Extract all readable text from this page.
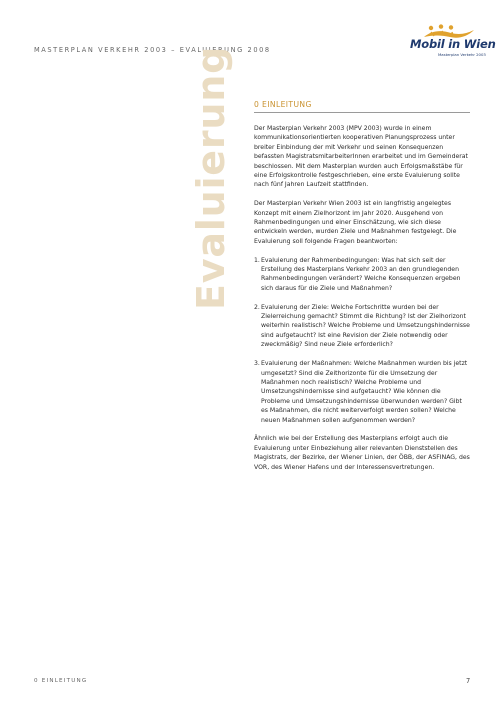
MASTERPLAN VERKEHR 2003 – EVALUIERUNG 2008	Mobil in Wien
Masterplan Verkehr 2003
Evaluierung	0 EINLEITUNG

Der Masterplan Verkehr 2003 (MPV 2003) wurde in einem kommunikationsorientierten kooperativen Planungsprozess unter breiter Einbindung der mit Verkehr und seinen Konsequenzen befassten MagistratsmitarbeiterInnen erarbeitet und im Gemeinderat beschlossen. Mit dem Masterplan wurden auch Erfolgsmaßstäbe für eine Erfolgskontrolle festgeschrieben, eine erste Evaluierung sollte nach fünf Jahren Laufzeit stattfinden.

Der Masterplan Verkehr Wien 2003 ist ein langfristig angelegtes Konzept mit einem Zielhorizont im Jahr 2020. Ausgehend von Rahmenbedingungen und einer Einschätzung, wie sich diese entwickeln werden, wurden Ziele und Maßnahmen festgelegt. Die Evaluierung soll folgende Fragen beantworten:

1. Evaluierung der Rahmenbedingungen: Was hat sich seit der Erstellung des Masterplans Verkehr 2003 an den grundlegenden Rahmenbedingungen verändert? Welche Konsequenzen ergeben sich daraus für die Ziele und Maßnahmen?
2. Evaluierung der Ziele: Welche Fortschritte wurden bei der Zielerreichung gemacht? Stimmt die Richtung? Ist der Zielhorizont weiterhin realistisch? Welche Probleme und Umsetzungshindernisse sind aufgetaucht? Ist eine Revision der Ziele notwendig oder zweckmäßig? Sind neue Ziele erforderlich?
3. Evaluierung der Maßnahmen: Welche Maßnahmen wurden bis jetzt umgesetzt? Sind die Zeithorizonte für die Umsetzung der Maßnahmen noch realistisch? Welche Probleme und Umsetzungshindernisse sind aufgetaucht? Wie können die Probleme und Umsetzungshindernisse überwunden werden? Gibt es Maßnahmen, die nicht weiterverfolgt werden sollen? Welche neuen Maßnahmen sollen aufgenommen werden?

Ähnlich wie bei der Erstellung des Masterplans erfolgt auch die Evaluierung unter Einbeziehung aller relevanten Dienststellen des Magistrats, der Bezirke, der Wiener Linien, der ÖBB, der ASFINAG, des VOR, des Wiener Hafens und der Interessensvertretungen.

0 EINLEITUNG	7
